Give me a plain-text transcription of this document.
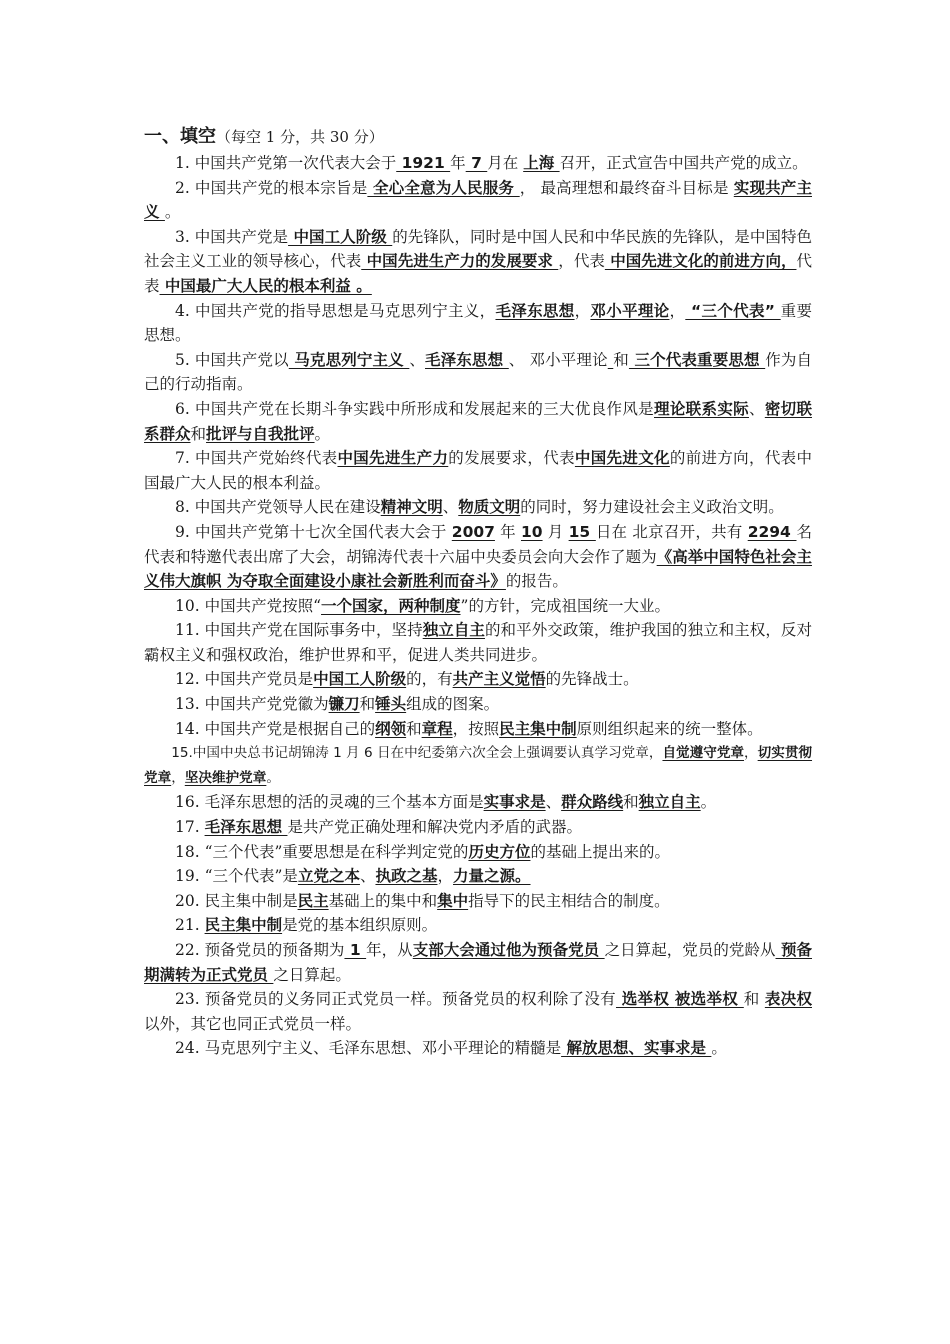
一、填空（每空 1 分，共 30 分）

1. 中国共产党第一次代表大会于 1921 年 7 月在 上海 召开，正式宣告中国共产党的成立。

2. 中国共产党的根本宗旨是 全心全意为人民服务 ， 最高理想和最终奋斗目标是 实现共产主义 。

3. 中国共产党是 中国工人阶级 的先锋队，同时是中国人民和中华民族的先锋队，是中国特色社会主义工业的领导核心，代表 中国先进生产力的发展要求 ，代表 中国先进文化的前进方向，代表 中国最广大人民的根本利益 。

4. 中国共产党的指导思想是马克思列宁主义，毛泽东思想，邓小平理论， “三个代表” 重要思想。

5. 中国共产党以 马克思列宁主义 、毛泽东思想 、 邓小平理论 和 三个代表重要思想 作为自己的行动指南。

6. 中国共产党在长期斗争实践中所形成和发展起来的三大优良作风是理论联系实际、密切联系群众和批评与自我批评。

7. 中国共产党始终代表中国先进生产力的发展要求，代表中国先进文化的前进方向，代表中国最广大人民的根本利益。

8. 中国共产党领导人民在建设精神文明、物质文明的同时，努力建设社会主义政治文明。

9. 中国共产党第十七次全国代表大会于 2007 年 10 月 15 日在 北京召开，共有 2294 名代表和特邀代表出席了大会，胡锦涛代表十六届中央委员会向大会作了题为《高举中国特色社会主义伟大旗帜 为夺取全面建设小康社会新胜利而奋斗》的报告。

10. 中国共产党按照“一个国家，两种制度”的方针，完成祖国统一大业。

11. 中国共产党在国际事务中，坚持独立自主的和平外交政策，维护我国的独立和主权，反对霸权主义和强权政治，维护世界和平，促进人类共同进步。

12. 中国共产党员是中国工人阶级的，有共产主义觉悟的先锋战士。

13. 中国共产党党徽为镰刀和锤头组成的图案。

14. 中国共产党是根据自己的纲领和章程，按照民主集中制原则组织起来的统一整体。

15.中国中央总书记胡锦涛 1 月 6 日在中纪委第六次全会上强调要认真学习党章，自觉遵守党章，切实贯彻党章，坚决维护党章。

16. 毛泽东思想的活的灵魂的三个基本方面是实事求是、群众路线和独立自主。

17. 毛泽东思想 是共产党正确处理和解决党内矛盾的武器。

18. “三个代表”重要思想是在科学判定党的历史方位的基础上提出来的。

19. “三个代表”是立党之本、执政之基，力量之源。

20. 民主集中制是民主基础上的集中和集中指导下的民主相结合的制度。

21. 民主集中制是党的基本组织原则。

22. 预备党员的预备期为 1 年，从支部大会通过他为预备党员 之日算起，党员的党龄从 预备期满转为正式党员 之日算起。

23. 预备党员的义务同正式党员一样。预备党员的权利除了没有 选举权 被选举权 和 表决权 以外，其它也同正式党员一样。

24. 马克思列宁主义、毛泽东思想、邓小平理论的精髓是 解放思想、实事求是 。
